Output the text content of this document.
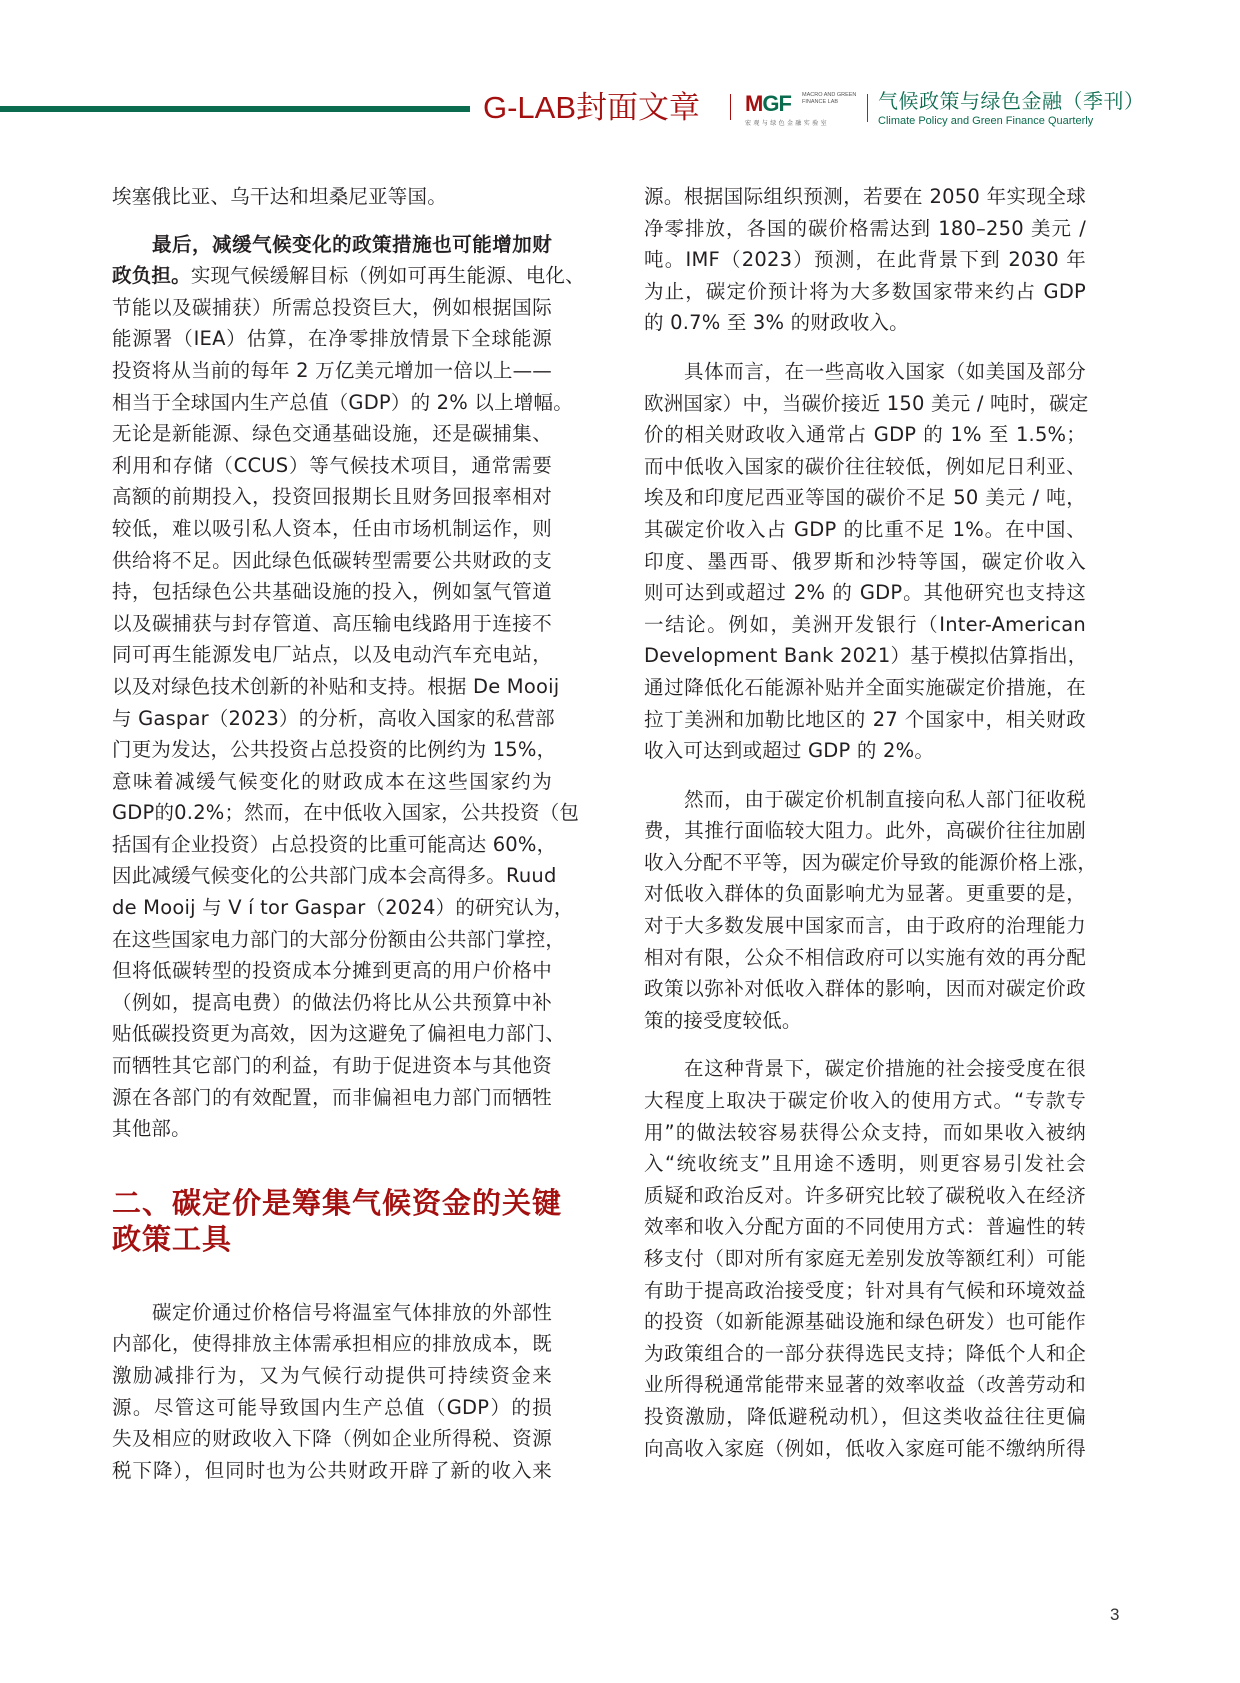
G-LAB封面文章 MGF MACRO AND GREEN FINANCE LAB
宏观与绿色金融实验室
气候政策与绿色金融（季刊）
Climate Policy and Green Finance Quarterly
埃塞俄比亚、乌干达和坦桑尼亚等国。
最后，减缓气候变化的政策措施也可能增加财
政负担。实现气候缓解目标（例如可再生能源、电化、
节能以及碳捕获）所需总投资巨大，例如根据国际
能源署（IEA）估算，在净零排放情景下全球能源
投资将从当前的每年 2 万亿美元增加一倍以上——
相当于全球国内生产总值（GDP）的 2% 以上增幅。
无论是新能源、绿色交通基础设施，还是碳捕集、
利用和存储（CCUS）等气候技术项目，通常需要
高额的前期投入，投资回报期长且财务回报率相对
较低，难以吸引私人资本，任由市场机制运作，则
供给将不足。因此绿色低碳转型需要公共财政的支
持，包括绿色公共基础设施的投入，例如氢气管道
以及碳捕获与封存管道、高压输电线路用于连接不
同可再生能源发电厂站点，以及电动汽车充电站，
以及对绿色技术创新的补贴和支持。根据 De Mooij
与 Gaspar（2023）的分析，高收入国家的私营部
门更为发达，公共投资占总投资的比例约为 15%，
意味着减缓气候变化的财政成本在这些国家约为
GDP的0.2%；然而，在中低收入国家，公共投资（包
括国有企业投资）占总投资的比重可能高达 60%，
因此减缓气候变化的公共部门成本会高得多。Ruud
de Mooij 与 V í tor Gaspar（2024）的研究认为，
在这些国家电力部门的大部分份额由公共部门掌控，
但将低碳转型的投资成本分摊到更高的用户价格中
（例如，提高电费）的做法仍将比从公共预算中补
贴低碳投资更为高效，因为这避免了偏袒电力部门、
而牺牲其它部门的利益，有助于促进资本与其他资
源在各部门的有效配置，而非偏袒电力部门而牺牲
其他部。
二、碳定价是筹集气候资金的关键
政策工具
碳定价通过价格信号将温室气体排放的外部性
内部化，使得排放主体需承担相应的排放成本，既
激励减排行为，又为气候行动提供可持续资金来
源。尽管这可能导致国内生产总值（GDP）的损
失及相应的财政收入下降（例如企业所得税、资源
税下降），但同时也为公共财政开辟了新的收入来
源。根据国际组织预测，若要在 2050 年实现全球
净零排放，各国的碳价格需达到 180–250 美元 /
吨。IMF（2023）预测，在此背景下到 2030 年
为止，碳定价预计将为大多数国家带来约占 GDP
的 0.7% 至 3% 的财政收入。
具体而言，在一些高收入国家（如美国及部分
欧洲国家）中，当碳价接近 150 美元 / 吨时，碳定
价的相关财政收入通常占 GDP 的 1% 至 1.5%；
而中低收入国家的碳价往往较低，例如尼日利亚、
埃及和印度尼西亚等国的碳价不足 50 美元 / 吨，
其碳定价收入占 GDP 的比重不足 1%。在中国、
印度、墨西哥、俄罗斯和沙特等国，碳定价收入
则可达到或超过 2% 的 GDP。其他研究也支持这
一结论。例如，美洲开发银行（Inter-American
Development Bank 2021）基于模拟估算指出，
通过降低化石能源补贴并全面实施碳定价措施，在
拉丁美洲和加勒比地区的 27 个国家中，相关财政
收入可达到或超过 GDP 的 2%。
然而，由于碳定价机制直接向私人部门征收税
费，其推行面临较大阻力。此外，高碳价往往加剧
收入分配不平等，因为碳定价导致的能源价格上涨，
对低收入群体的负面影响尤为显著。更重要的是，
对于大多数发展中国家而言，由于政府的治理能力
相对有限，公众不相信政府可以实施有效的再分配
政策以弥补对低收入群体的影响，因而对碳定价政
策的接受度较低。
在这种背景下，碳定价措施的社会接受度在很
大程度上取决于碳定价收入的使用方式。“专款专
用”的做法较容易获得公众支持，而如果收入被纳
入“统收统支”且用途不透明，则更容易引发社会
质疑和政治反对。许多研究比较了碳税收入在经济
效率和收入分配方面的不同使用方式：普遍性的转
移支付（即对所有家庭无差别发放等额红利）可能
有助于提高政治接受度；针对具有气候和环境效益
的投资（如新能源基础设施和绿色研发）也可能作
为政策组合的一部分获得选民支持；降低个人和企
业所得税通常能带来显著的效率收益（改善劳动和
投资激励，降低避税动机），但这类收益往往更偏
向高收入家庭（例如，低收入家庭可能不缴纳所得
3
